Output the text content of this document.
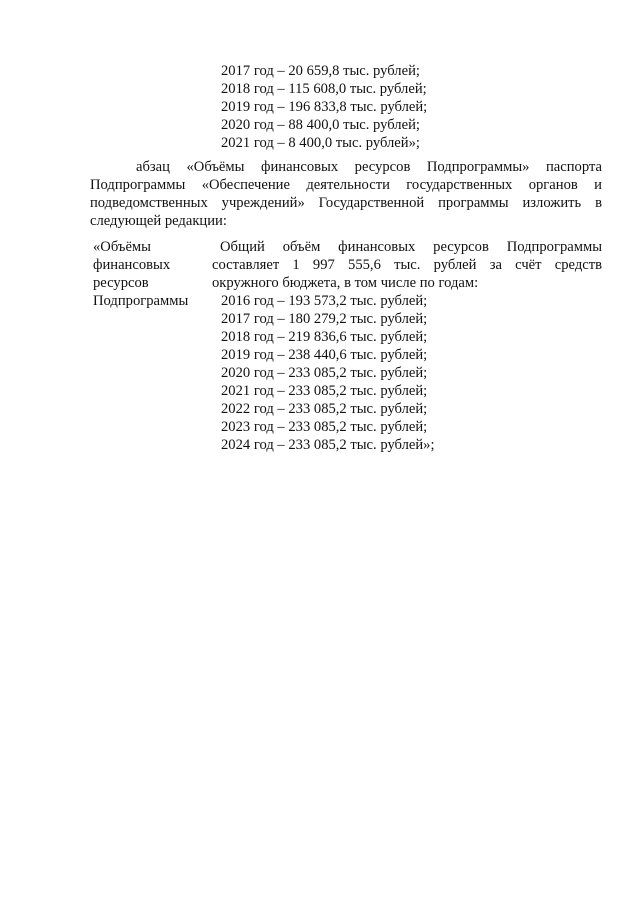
2017 год – 20 659,8 тыс. рублей;
2018 год – 115 608,0 тыс. рублей;
2019 год – 196 833,8 тыс. рублей;
2020 год – 88 400,0 тыс. рублей;
2021 год – 8 400,0 тыс. рублей»;
абзац «Объёмы финансовых ресурсов Подпрограммы» паспорта
Подпрограммы «Обеспечение деятельности государственных органов и
подведомственных учреждений» Государственной программы изложить в
следующей редакции:
«Объёмы
финансовых
ресурсов
Подпрограммы
Общий объём финансовых ресурсов Подпрограммы
составляет 1 997 555,6 тыс. рублей за счёт средств
окружного бюджета, в том числе по годам:
2016 год – 193 573,2 тыс. рублей;
2017 год – 180 279,2 тыс. рублей;
2018 год – 219 836,6 тыс. рублей;
2019 год – 238 440,6 тыс. рублей;
2020 год – 233 085,2 тыс. рублей;
2021 год – 233 085,2 тыс. рублей;
2022 год – 233 085,2 тыс. рублей;
2023 год – 233 085,2 тыс. рублей;
2024 год – 233 085,2 тыс. рублей»;
